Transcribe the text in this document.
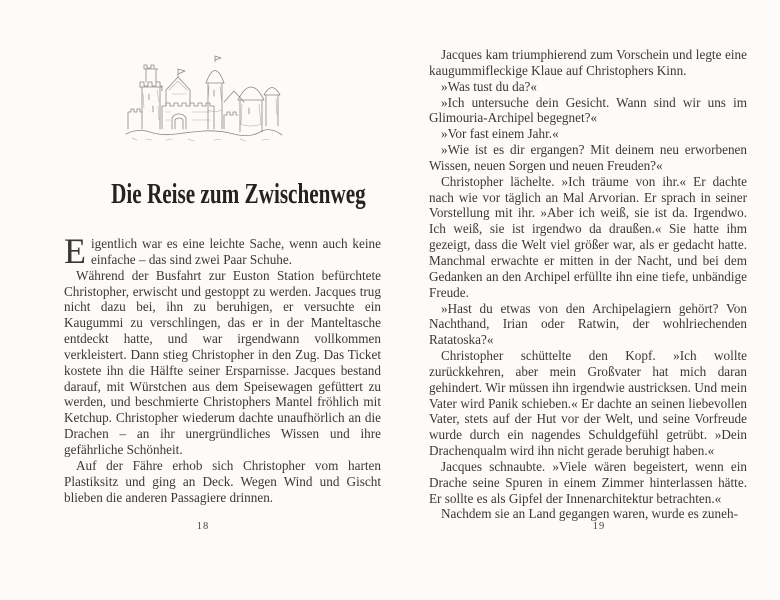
Die Reise zum Zwischenweg

Eigentlich war es eine leichte Sache, wenn auch keine einfache – das sind zwei Paar Schuhe.

Während der Busfahrt zur Euston Station befürchtete Christopher, erwischt und gestoppt zu werden. Jacques trug nicht dazu bei, ihn zu beruhigen, er versuchte ein Kaugummi zu verschlingen, das er in der Manteltasche entdeckt hatte, und war irgendwann vollkommen verkleistert. Dann stieg Christopher in den Zug. Das Ticket kostete ihn die Hälfte seiner Ersparnisse. Jacques bestand darauf, mit Würstchen aus dem Speisewagen gefüttert zu werden, und beschmierte Christophers Mantel fröhlich mit Ketchup. Christopher wiederum dachte unaufhörlich an die Drachen – an ihr unergründliches Wissen und ihre gefährliche Schönheit.

Auf der Fähre erhob sich Christopher vom harten Plastiksitz und ging an Deck. Wegen Wind und Gischt blieben die anderen Passagiere drinnen.

Jacques kam triumphierend zum Vorschein und legte eine kaugummifleckige Klaue auf Christophers Kinn.

»Was tust du da?«

»Ich untersuche dein Gesicht. Wann sind wir uns im Glimouria-Archipel begegnet?«

»Vor fast einem Jahr.«

»Wie ist es dir ergangen? Mit deinem neu erworbenen Wissen, neuen Sorgen und neuen Freuden?«

Christopher lächelte. »Ich träume von ihr.« Er dachte nach wie vor täglich an Mal Arvorian. Er sprach in seiner Vorstellung mit ihr. »Aber ich weiß, sie ist da. Irgendwo. Ich weiß, sie ist irgendwo da draußen.« Sie hatte ihm gezeigt, dass die Welt viel größer war, als er gedacht hatte. Manchmal erwachte er mitten in der Nacht, und bei dem Gedanken an den Archipel erfüllte ihn eine tiefe, unbändige Freude.

»Hast du etwas von den Archipelagiern gehört? Von Nachthand, Irian oder Ratwin, der wohlriechenden Ratatoska?«

Christopher schüttelte den Kopf. »Ich wollte zurückkehren, aber mein Großvater hat mich daran gehindert. Wir müssen ihn irgendwie austricksen. Und mein Vater wird Panik schieben.« Er dachte an seinen liebevollen Vater, stets auf der Hut vor der Welt, und seine Vorfreude wurde durch ein nagendes Schuldgefühl getrübt. »Dein Drachenqualm wird ihn nicht gerade beruhigt haben.«

Jacques schnaubte. »Viele wären begeistert, wenn ein Drache seine Spuren in einem Zimmer hinterlassen hätte. Er sollte es als Gipfel der Innenarchitektur betrachten.«

Nachdem sie an Land gegangen waren, wurde es zuneh-

18	19
